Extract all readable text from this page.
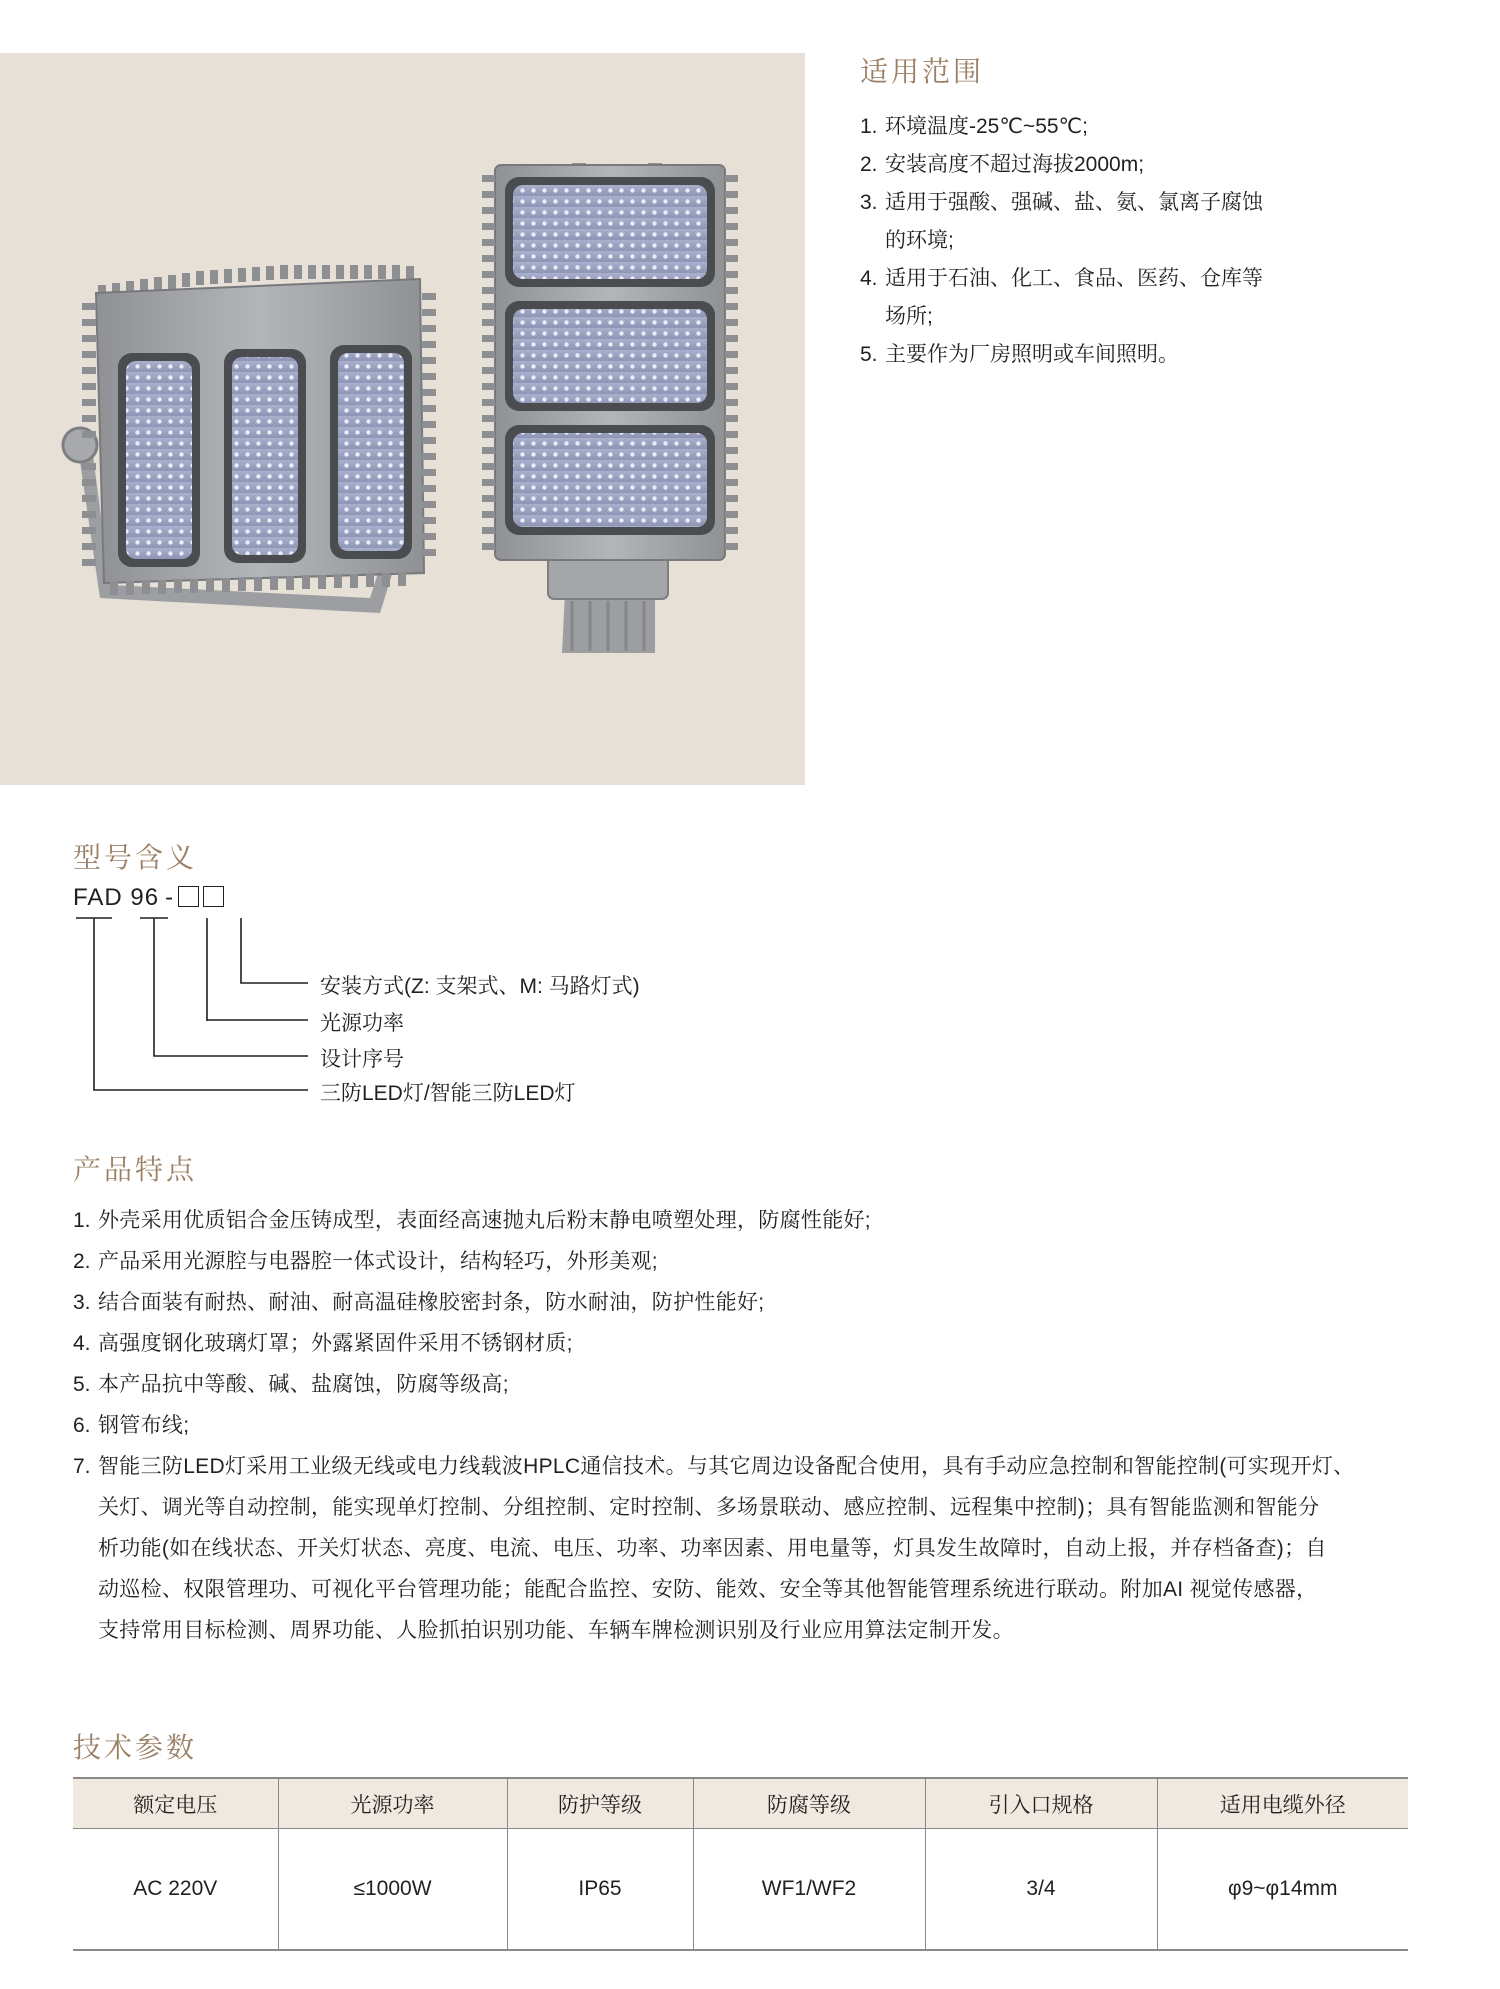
适用范围
1. 环境温度-25℃~55℃;
2. 安装高度不超过海拔2000m;
3. 适用于强酸、强碱、盐、氨、氯离子腐蚀
的环境;
4. 适用于石油、化工、食品、医药、仓库等
场所;
5. 主要作为厂房照明或车间照明。
型号含义
FAD 96 -
安装方式(Z: 支架式、M: 马路灯式)
光源功率
设计序号
三防LED灯/智能三防LED灯
产品特点
1. 外壳采用优质铝合金压铸成型，表面经高速抛丸后粉末静电喷塑处理，防腐性能好;
2. 产品采用光源腔与电器腔一体式设计，结构轻巧，外形美观;
3. 结合面装有耐热、耐油、耐高温硅橡胶密封条，防水耐油，防护性能好;
4. 高强度钢化玻璃灯罩；外露紧固件采用不锈钢材质;
5. 本产品抗中等酸、碱、盐腐蚀，防腐等级高;
6. 钢管布线;
7. 智能三防LED灯采用工业级无线或电力线载波HPLC通信技术。与其它周边设备配合使用，具有手动应急控制和智能控制(可实现开灯、
关灯、调光等自动控制，能实现单灯控制、分组控制、定时控制、多场景联动、感应控制、远程集中控制)；具有智能监测和智能分
析功能(如在线状态、开关灯状态、亮度、电流、电压、功率、功率因素、用电量等，灯具发生故障时，自动上报，并存档备查)；自
动巡检、权限管理功、可视化平台管理功能；能配合监控、安防、能效、安全等其他智能管理系统进行联动。附加AI 视觉传感器，
支持常用目标检测、周界功能、人脸抓拍识别功能、车辆车牌检测识别及行业应用算法定制开发。
技术参数
额定电压	光源功率	防护等级	防腐等级	引入口规格	适用电缆外径
AC 220V	≤1000W	IP65	WF1/WF2	3/4	φ9~φ14mm
